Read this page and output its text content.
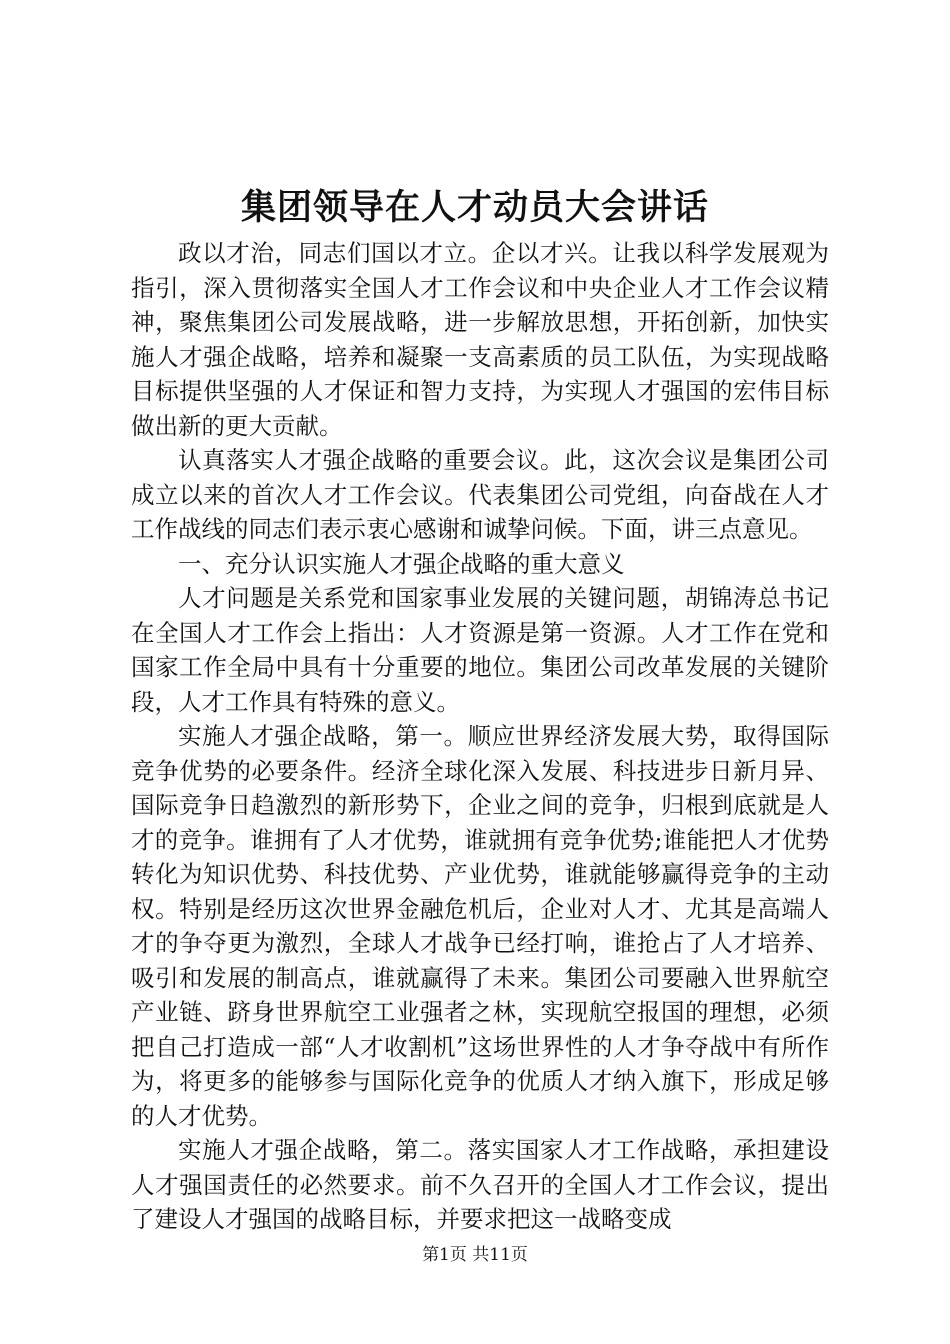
集团领导在人才动员大会讲话

政以才治，同志们国以才立。企以才兴。让我以科学发展观为指引，深入贯彻落实全国人才工作会议和中央企业人才工作会议精神，聚焦集团公司发展战略，进一步解放思想，开拓创新，加快实施人才强企战略，培养和凝聚一支高素质的员工队伍，为实现战略目标提供坚强的人才保证和智力支持，为实现人才强国的宏伟目标做出新的更大贡献。

认真落实人才强企战略的重要会议。此，这次会议是集团公司成立以来的首次人才工作会议。代表集团公司党组，向奋战在人才工作战线的同志们表示衷心感谢和诚挚问候。下面，讲三点意见。

一、充分认识实施人才强企战略的重大意义

人才问题是关系党和国家事业发展的关键问题，胡锦涛总书记在全国人才工作会上指出：人才资源是第一资源。人才工作在党和国家工作全局中具有十分重要的地位。集团公司改革发展的关键阶段，人才工作具有特殊的意义。

实施人才强企战略，第一。顺应世界经济发展大势，取得国际竞争优势的必要条件。经济全球化深入发展、科技进步日新月异、国际竞争日趋激烈的新形势下，企业之间的竞争，归根到底就是人才的竞争。谁拥有了人才优势，谁就拥有竞争优势;谁能把人才优势转化为知识优势、科技优势、产业优势，谁就能够赢得竞争的主动权。特别是经历这次世界金融危机后，企业对人才、尤其是高端人才的争夺更为激烈，全球人才战争已经打响，谁抢占了人才培养、吸引和发展的制高点，谁就赢得了未来。集团公司要融入世界航空产业链、跻身世界航空工业强者之林，实现航空报国的理想，必须把自己打造成一部“人才收割机”这场世界性的人才争夺战中有所作为，将更多的能够参与国际化竞争的优质人才纳入旗下，形成足够的人才优势。

实施人才强企战略，第二。落实国家人才工作战略，承担建设人才强国责任的必然要求。前不久召开的全国人才工作会议，提出了建设人才强国的战略目标，并要求把这一战略变成

第1页 共11页
